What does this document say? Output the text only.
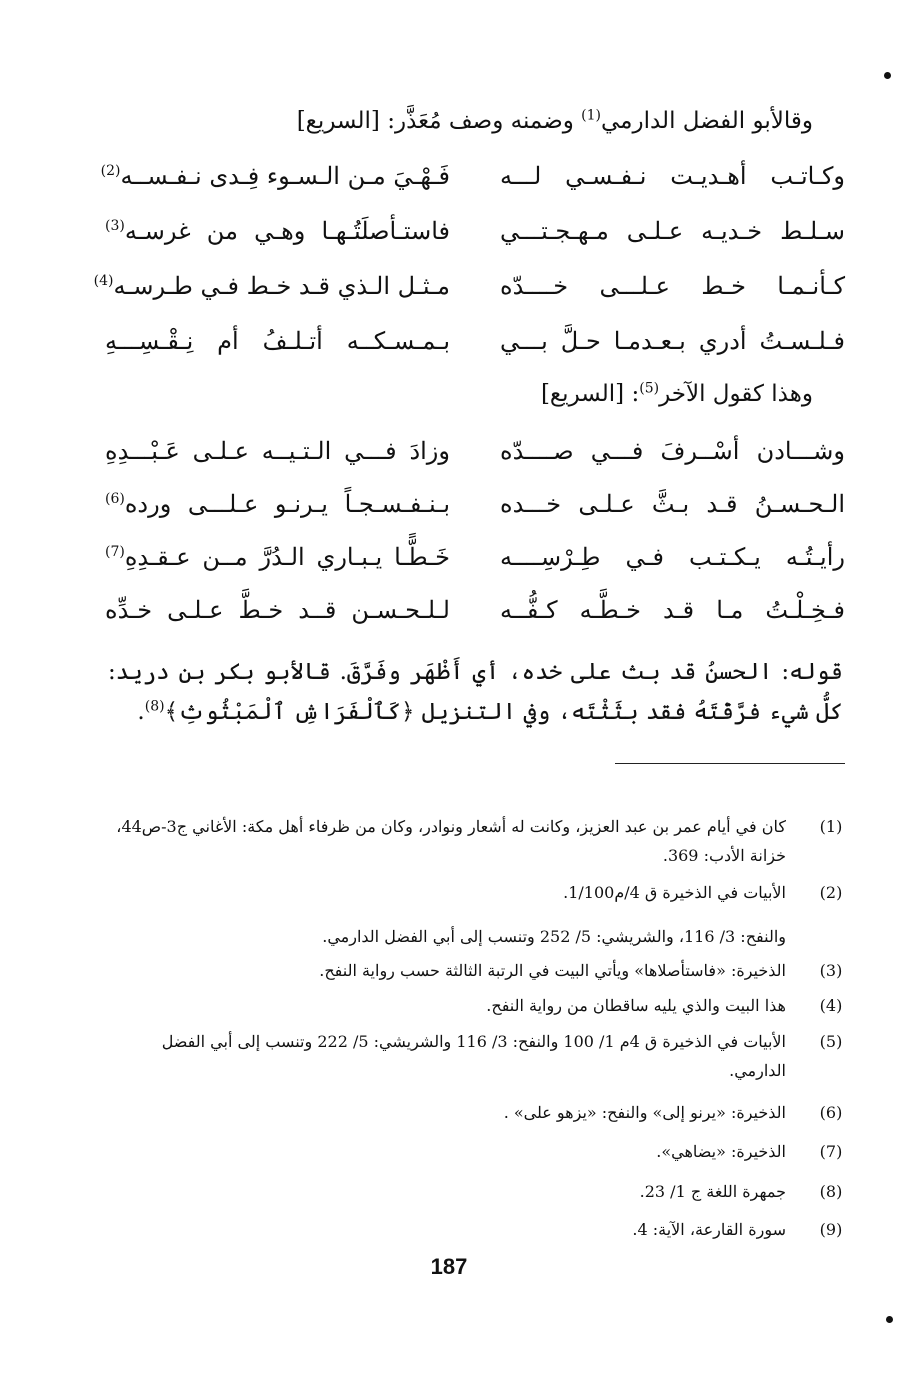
وقالأبو الفضل الدارمي$^{(1)}$ وضمنه وصف مُعَذَّر: [السريع]
وكـاتـب أهـديـت نـفـسـي لـــه
فَـهْـيَ مـن الـسـوء فِـدى نـفـســه$^{(2)}$
سـلـط خـديـه عـلـى مـهـجـتـــي
فاستـأصلَتُـهـا وهـي من غرسـه$^{(3)}$
كـأنـمـا خـط عـلـــى خــــدّه
مـثـل الـذي قـد خـط فـي طـرسـه$^{(4)}$
فـلـسـتُ أدري بـعـدمـا حـلَّ بـــي
بـمـسـكــه أتـلـفُ أم نِـقْـسِـــهِ
وهذا كقول الآخر$^{(5)}$: [السريع]
وشـــادن أسْــرفَ فـــي صــــدّه
وزادَ فـــي الـتـيــه عـلـى عَـبْـــدِهِ
الـحـسـنُ قـد بـثَّ عـلـى خـــده
بـنـفـسـجـاً يـرنـو عـلـــى ورده$^{(6)}$
رأيـتُـه يـكـتـب فـي طِـرْسِــــه
خَـطًّـا يـبـاري الـدُرَّ مــن عـقـدِهِ$^{(7)}$
فـخِـلْـتُ مـا قـد خـطَّـه كـفُّــه
لـلـحـسـن قــد خـطَّ عـلـى خـدِّه
قوله: الحسنُ قد بث على خده، أي أَظْهَر وفَرَّقَ. قالأبو بكر بن دريد: كلُّ شيء فرَّقْتَهُ فقد بثَثْتَه، وفي التنزيل ﴿كَٱلْفَرَاشِ ٱلْمَبْثُوثِ﴾$^{(8)}$.
(1)
كان في أيام عمر بن عبد العزيز، وكانت له أشعار ونوادر، وكان من ظرفاء أهل مكة: الأغاني ج3-ص44، خزانة الأدب: 369.
(2)
الأبيات في الذخيرة ق 4/م1/100.
والنفح: 3/ 116، والشريشي: 5/ 252 وتنسب إلى أبي الفضل الدارمي.
(3)
الذخيرة: «فاستأصلاها» ويأتي البيت في الرتبة الثالثة حسب رواية النفح.
(4)
هذا البيت والذي يليه ساقطان من رواية النفح.
(5)
الأبيات في الذخيرة ق 4م 1/ 100 والنفح: 3/ 116 والشريشي: 5/ 222 وتنسب إلى أبي الفضل الدارمي.
(6)
الذخيرة: «يرنو إلى» والنفح: «يزهو على» .
(7)
الذخيرة: «يضاهي».
(8)
جمهرة اللغة ج 1/ 23.
(9)
سورة القارعة، الآية: 4.
187
